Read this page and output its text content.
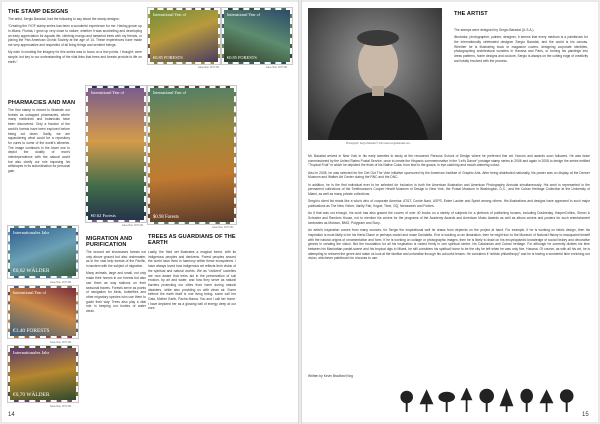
THE STAMP DESIGNS

The artist, Sergio Baradat, had the following to say about the stamp designs:

“Creating the IYOF stamp series has been a wonderful experience for me. Having grown up in Miami, Florida, I grew up very close to nature; whether it was snorkelling and developing an early appreciation for aquatic life, climbing mango and tamarind trees with my friends, or joining the Pan American Orchid Society at the age of 14. These experiences have made me very appreciative and respectful of all living things and sentient beings.

My wish in creating the imagery for this series was to focus on a few points. I thought: were simple, but key to our understanding of the vital links that trees and forests provide to life on earth.”

PHARMACIES AND MAN
The first stamp is meant to illustrate our forests as untapped pharmacies, where many medicines and botanicals have been discovered. Only a fraction of the world’s forests have been explored before being cut down. Sadly, we are squandering what could be a repository for cures to some of the world’s ailments. The image continues in the lower one to depict the duality of man’s interdependence with the natural world but also clarify our role imposing his willshapes in its subordination for personal gain.
International Year of
€0.85 FORESTS
Issue Nos. 1677-8/1
International Year of
€0.85 FORESTS
Issue Nos. 1677-9/1
International Year of
€0.62 Forests
Issue Nos. 1677-9/1
International Year of
$0.98 Forests
Issue Nos. 1677-9/1
Internationales Jahr
€0,62 WÄLDER
Issue Nos. 1677-8/1
International Year of
€1.40 FORESTS
Issue Nos. 1677-9/1
Internationales Jahr
€0,70 WÄLDER
Issue Nos. 1677-8/1
MIGRATION AND PURIFICATION

The second set showcases forests not only above ground but also underwater, as in the vast kelp forests of the Pacific, in tandem with the subject of migration.

Many animals, large and small, not only make their homes in our forests but also use them as way stations on their seasonal travels. Forests serve as points of navigation for birds, butterflies and other migratory species who use them to guide their way. Trees also play a vital role in keeping our bodies of water clean.

TREES AS GUARDIANS OF THE EARTH
Lastly, the third set illustrates a magical forest, with its indigenous peoples and denizens. Forest peoples around the world have lived in harmony within these ecosystems. I have always loved how indigenous art reflects their vision of the spiritual and natural worlds. We as “civilized” societies are now aware that trees aid in the preservation of soil erosion, by air and water, and how they serve as natural barriers protecting our cities from harm during natural disasters, while also providing us with clean air. Some believe the earth itself is one living being, some call her Gaia, Mother Earth, Pacha Mama. You and I call her home. I have depicted her as a glowing ball of energy deep at our core.
14
Photograph: Sergio Baradat © http://www.sergiobaradat.com
THE ARTIST

The stamps were designed by Sergio Baradat (U.S.A.).

Illustrator, photographer, painter, designer, it seems that every medium is a paintbrush for the internationally celebrated designer Sergio Baradat, and the world is his canvas. Whether he is illustrating book or magazine covers, designing corporate identities, photographing architectural wonders in Havana and Paris, or turning his paintings into dress patterns, home designs and couture, Sergio is always on the cutting edge of creativity and totally involved with the process.

Mr. Baradat arrived in New York in his early twenties to study at the renowned Parsons School of Design where he preferred fine art. Honors and awards soon followed. He was twice commissioned by the United States Postal Service, once to create the Hispanic commemorative in the “Let’s Dance” postage stamp series in 2006 and again in 2008 to design the series entitled “Tropical Fruit” in which he depicted the fruits of his Native Cuba, from kiwi to the guava, in eye-catching and mouth-watering colour.

Also in 2008, he was selected for the Get Out The Vote initiative sponsored by the American Institute of Graphic Arts. After being distributed nationally, his poster was on display at the Denver Museum and Walker Art Center during the RNC and the DNC.

In addition, he is the first individual ever to be selected for inclusion in both the American Illustration and American Photography Annuals simultaneously. His work is represented in the permanent collections of the Smithsonian’s Cooper Hewitt Museum of Design in New York, the Postal Museum in Washington, D.C., and the Cuban Heritage Collection at the University of Miami, as well as many private collections.

Sergio’s client list reads like a who’s who of corporate America: AT&T, Conde Nast, USPS, Estee Lauder and Sprint among others. His illustrations and designs have appeared in such major publications as The New Yorker, Vanity Fair, Vogue, Time, GQ, Newsweek and Forbes.

As if that was not enough, his work has also graced the covers of over 40 books on a variety of subjects for a plethora of publishing houses, including Doubleday, HarperCollins, Simon & Schuster and Random House, not to mention his covers for the programs of the Academy Awards and American Music Awards as well as album covers and posters for such entertainment luminaries as Motown, BMG, Polygram and Sony.

An artist’s inspiration comes from many sources; for Sergio the inspirational well he draws from depends on the project at hand. For example, if he is working on fabric design, then his inspiration is most likely to be his friend Diane or perhaps model and muse Donatella. If he is working on an illustration, then he might turn to the Museum of Natural History to reacquaint himself with the natural origins of ornamentation and form. If he is working on collage or photographic images, then he is likely to draw on his encyclopaedic knowledge of social history and decorative genres in creating the vision. But the foundation for all his inspiration is rooted firmly in one spiritual centre, his Catalonian and Cuban heritage. For although he currently divides his time between his Manhattan pastel-scene and his tropical digs in Miami, he still considers his spiritual home to be the city he left when he was only five, Havana. Of course, as with all his art, he is attempting to reinvent the genre and make us look at the familiar and unfamiliar through his colourful lenses. He considers it “artistic philanthropy” and he is having a wonderful time enriching our vision, whichever paintbrush he chooses to use.

Written by Kevin Bradford King
15
